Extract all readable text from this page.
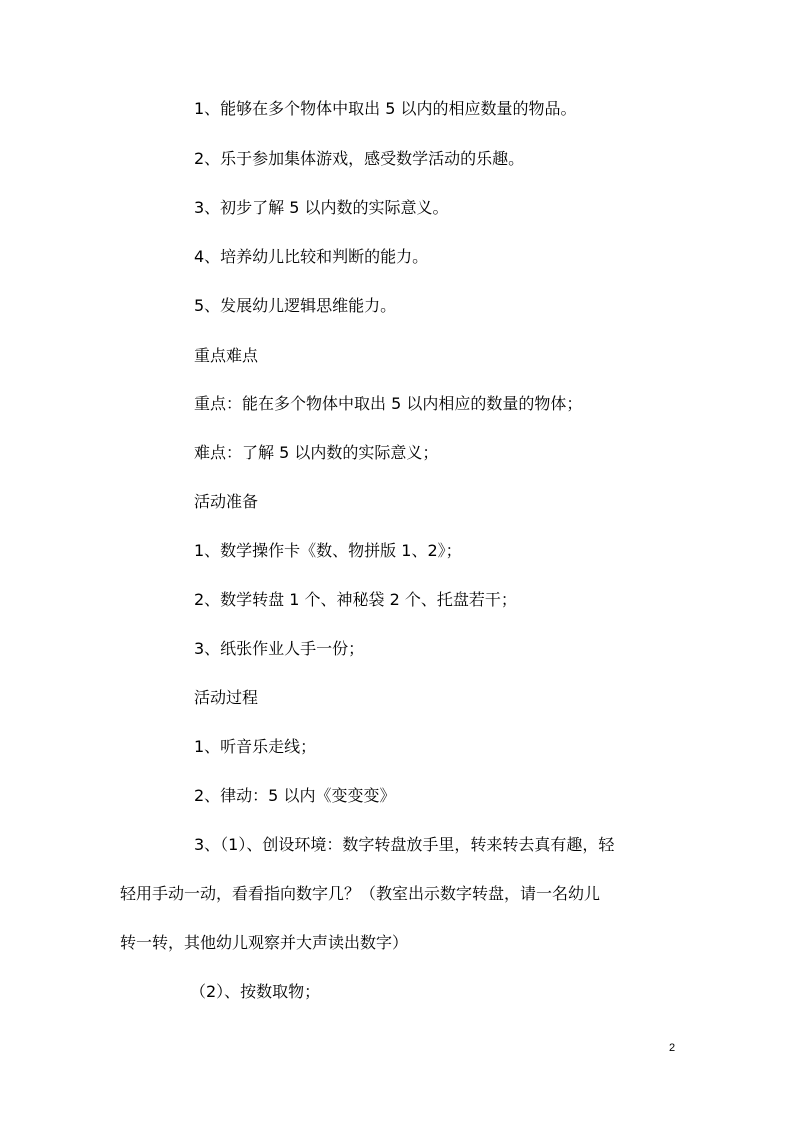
1、能够在多个物体中取出 5 以内的相应数量的物品。
2、乐于参加集体游戏，感受数学活动的乐趣。
3、初步了解 5 以内数的实际意义。
4、培养幼儿比较和判断的能力。
5、发展幼儿逻辑思维能力。
重点难点
重点：能在多个物体中取出 5 以内相应的数量的物体；
难点：了解 5 以内数的实际意义；
活动准备
1、数学操作卡《数、物拼版 1、2》；
2、数学转盘 1 个、神秘袋 2 个、托盘若干；
3、纸张作业人手一份；
活动过程
1、听音乐走线；
2、律动：5 以内《变变变》
3、（1）、创设环境：数字转盘放手里，转来转去真有趣，轻
轻用手动一动，看看指向数字几？（教室出示数字转盘，请一名幼儿
转一转，其他幼儿观察并大声读出数字）
（2）、按数取物；
2
